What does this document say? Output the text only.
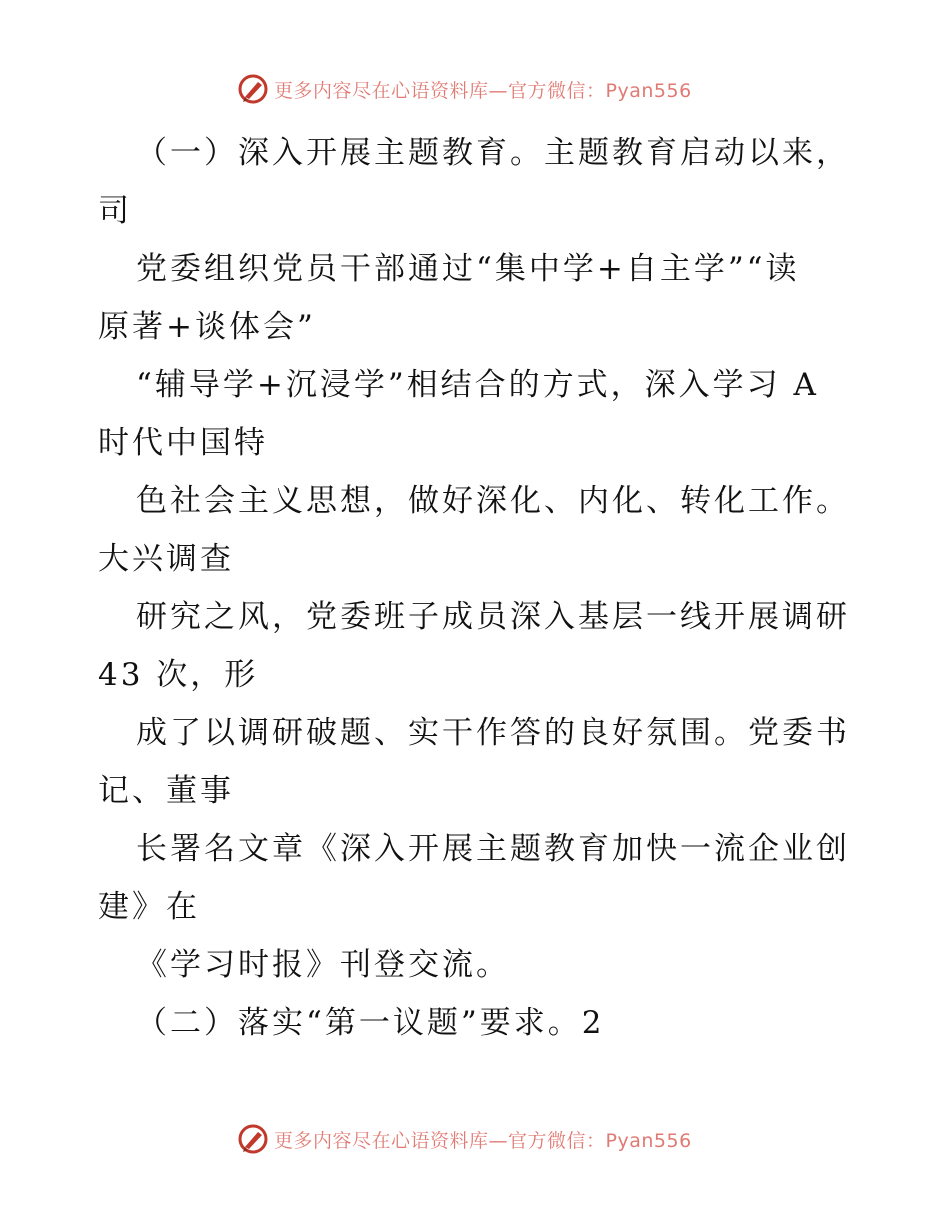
更多内容尽在心语资料库—官方微信：Pyan556
（一）深入开展主题教育。主题教育启动以来，
司
党委组织党员干部通过“集中学+自主学”“读
原著+谈体会”
“辅导学+沉浸学”相结合的方式，深入学习 A
时代中国特
色社会主义思想，做好深化、内化、转化工作。
大兴调查
研究之风，党委班子成员深入基层一线开展调研
43 次，形
成了以调研破题、实干作答的良好氛围。党委书
记、董事
长署名文章《深入开展主题教育加快一流企业创
建》在
《学习时报》刊登交流。
（二）落实“第一议题”要求。2
更多内容尽在心语资料库—官方微信：Pyan556
